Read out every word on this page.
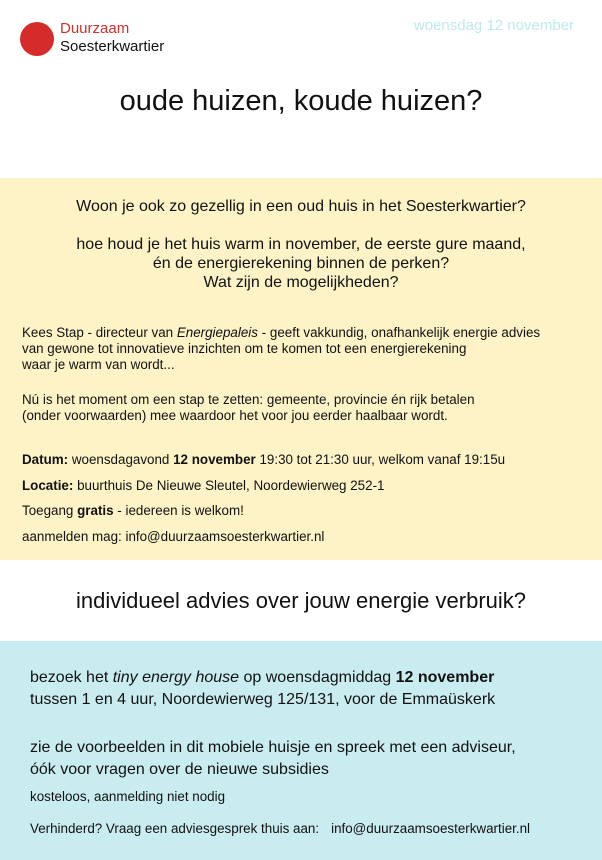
Duurzaam
Soesterkwartier
woensdag 12 november
oude huizen, koude huizen?
Woon je ook zo gezellig in een oud huis in het Soesterkwartier?
hoe houd je het huis warm in november, de eerste gure maand,
én de energierekening binnen de perken?
Wat zijn de mogelijkheden?
Kees Stap - directeur van Energiepaleis - geeft vakkundig, onafhankelijk energie advies
van gewone tot innovatieve inzichten om te komen tot een energierekening
waar je warm van wordt...
Nú is het moment om een stap te zetten: gemeente, provincie én rijk betalen
(onder voorwaarden) mee waardoor het voor jou eerder haalbaar wordt.
Datum: woensdagavond 12 november 19:30 tot 21:30 uur, welkom vanaf 19:15u
Locatie: buurthuis De Nieuwe Sleutel, Noordewierweg 252-1
Toegang gratis - iedereen is welkom!
aanmelden mag: info@duurzaamsoesterkwartier.nl
individueel advies over jouw energie verbruik?
bezoek het tiny energy house op woensdagmiddag 12 november
tussen 1 en 4 uur, Noordewierweg 125/131, voor de Emmaüskerk
zie de voorbeelden in dit mobiele huisje en spreek met een adviseur,
óók voor vragen over de nieuwe subsidies
kosteloos, aanmelding niet nodig
Verhinderd? Vraag een adviesgesprek thuis aan: info@duurzaamsoesterkwartier.nl
